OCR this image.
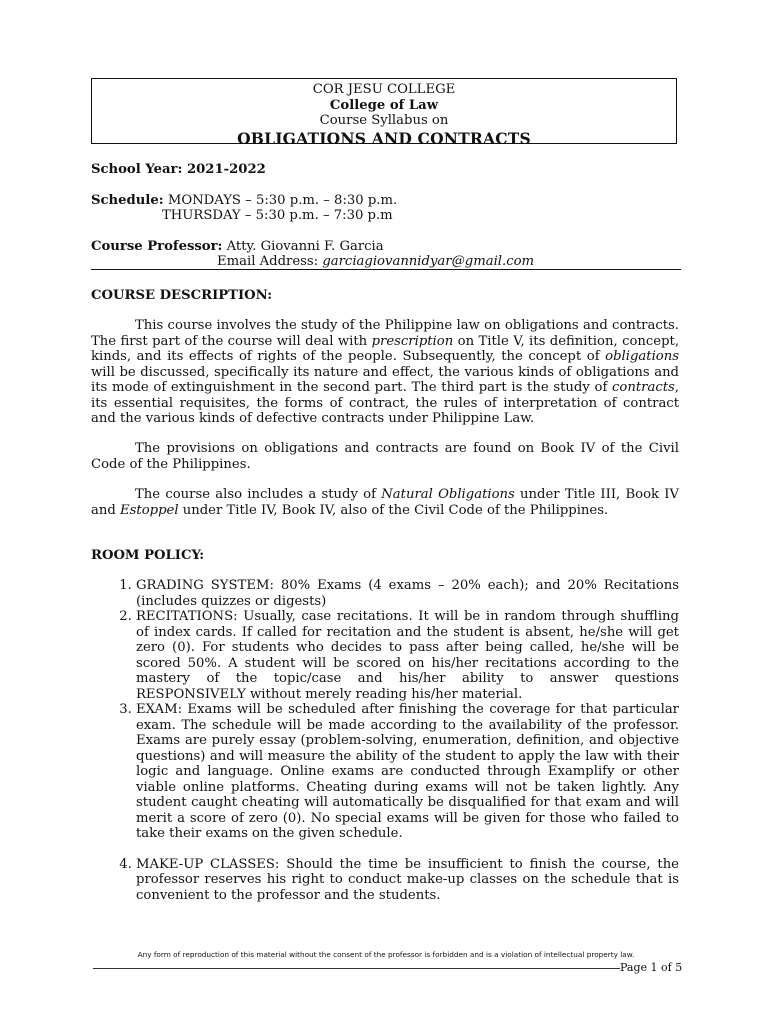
COR JESU COLLEGE
College of Law
Course Syllabus on
OBLIGATIONS AND CONTRACTS
School Year: 2021-2022
Schedule: MONDAYS – 5:30 p.m. – 8:30 p.m.
THURSDAY – 5:30 p.m. – 7:30 p.m
Course Professor: Atty. Giovanni F. Garcia
Email Address: garciagiovannidyar@gmail.com
COURSE DESCRIPTION:
This course involves the study of the Philippine law on obligations and contracts. The first part of the course will deal with prescription on Title V, its definition, concept, kinds, and its effects of rights of the people. Subsequently, the concept of obligations will be discussed, specifically its nature and effect, the various kinds of obligations and its mode of extinguishment in the second part. The third part is the study of contracts, its essential requisites, the forms of contract, the rules of interpretation of contract and the various kinds of defective contracts under Philippine Law.
The provisions on obligations and contracts are found on Book IV of the Civil Code of the Philippines.
The course also includes a study of Natural Obligations under Title III, Book IV and Estoppel under Title IV, Book IV, also of the Civil Code of the Philippines.
ROOM POLICY:
1. GRADING SYSTEM: 80% Exams (4 exams – 20% each); and 20% Recitations (includes quizzes or digests)
2. RECITATIONS: Usually, case recitations. It will be in random through shuffling of index cards. If called for recitation and the student is absent, he/she will get zero (0). For students who decides to pass after being called, he/she will be scored 50%. A student will be scored on his/her recitations according to the mastery of the topic/case and his/her ability to answer questions RESPONSIVELY without merely reading his/her material.
3. EXAM: Exams will be scheduled after finishing the coverage for that particular exam. The schedule will be made according to the availability of the professor. Exams are purely essay (problem-solving, enumeration, definition, and objective questions) and will measure the ability of the student to apply the law with their logic and language. Online exams are conducted through Examplify or other viable online platforms. Cheating during exams will not be taken lightly. Any student caught cheating will automatically be disqualified for that exam and will merit a score of zero (0). No special exams will be given for those who failed to take their exams on the given schedule.
4. MAKE-UP CLASSES: Should the time be insufficient to finish the course, the professor reserves his right to conduct make-up classes on the schedule that is convenient to the professor and the students.
Any form of reproduction of this material without the consent of the professor is forbidden and is a violation of intellectual property law.
Page 1 of 5
